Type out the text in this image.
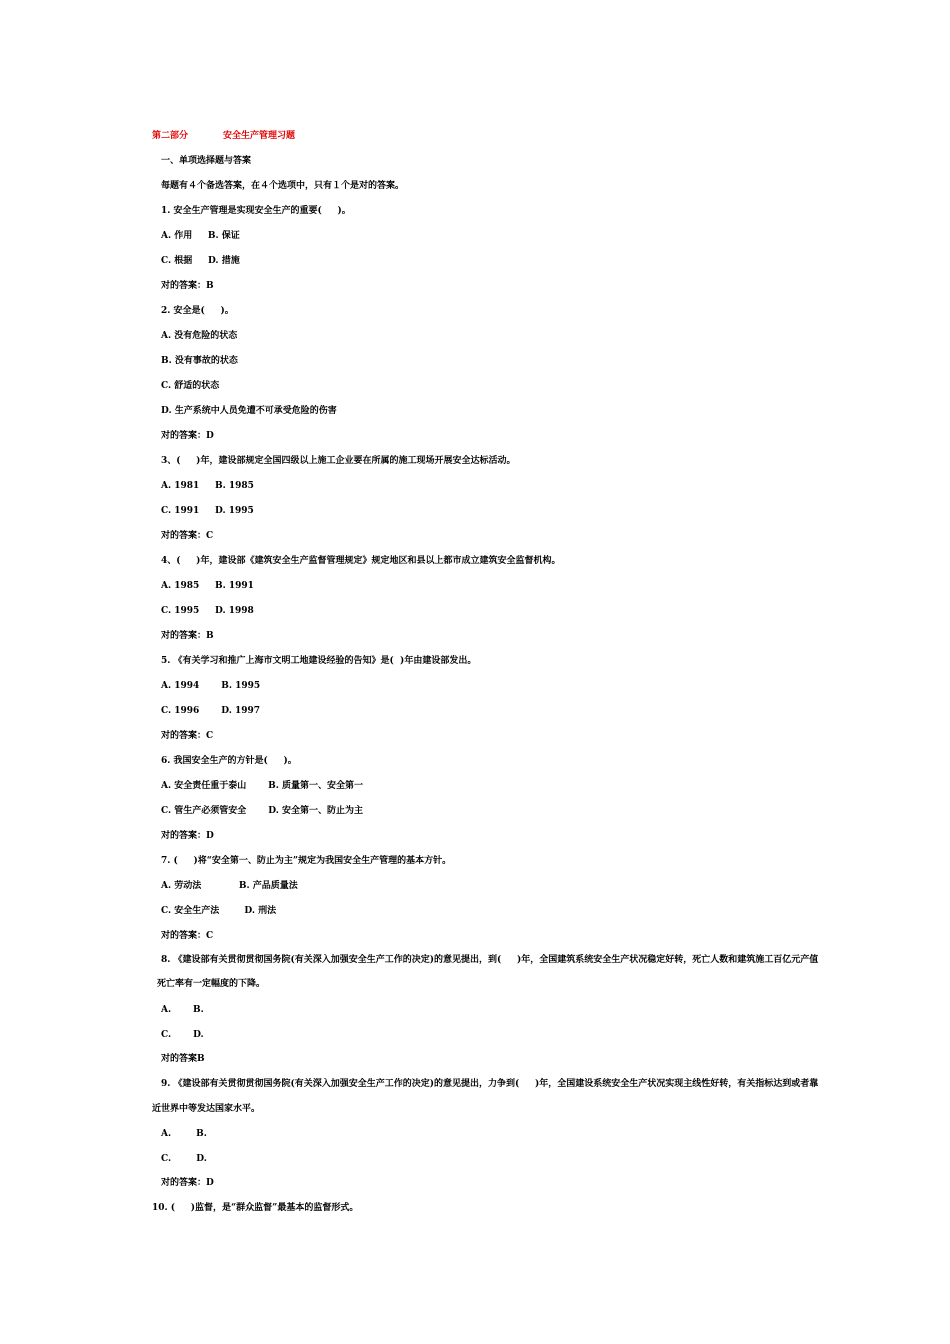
第二部分	安全生产管理习题
一、单项选择题与答案
每题有４个备选答案，在４个选项中，只有１个是对的答案。
1. 安全生产管理是实现安全生产的重要(     )。
A. 作用     B. 保证
C. 根据     D. 措施
对的答案：B
2. 安全是(     )。
A. 没有危险的状态
B. 没有事故的状态
C. 舒适的状态
D. 生产系统中人员免遭不可承受危险的伤害
对的答案：D
3、(     )年，建设部规定全国四级以上施工企业要在所属的施工现场开展安全达标活动。
A. 1981     B. 1985
C. 1991     D. 1995
对的答案：C
4、(     )年，建设部《建筑安全生产监督管理规定》规定地区和县以上都市成立建筑安全监督机构。
A. 1985     B. 1991
C. 1995     D. 1998
对的答案：B
5. 《有关学习和推广上海市文明工地建设经验的告知》是(  )年由建设部发出。
A. 1994       B. 1995
C. 1996       D. 1997
对的答案：C
6. 我国安全生产的方针是(     )。
A. 安全责任重于泰山       B. 质量第一、安全第一
C. 管生产必须管安全       D. 安全第一、防止为主
对的答案：D
7. (     )将“安全第一、防止为主”规定为我国安全生产管理的基本方针。
A. 劳动法            B. 产品质量法
C. 安全生产法        D. 刑法
对的答案：C
8. 《建设部有关贯彻贯彻国务院(有关深入加强安全生产工作的决定)的意见提出，到(     )年，全国建筑系统安全生产状况稳定好转，死亡人数和建筑施工百亿元产值
死亡率有一定幅度的下降。
A.       B.
C.       D.
对的答案B
9. 《建设部有关贯彻贯彻国务院(有关深入加强安全生产工作的决定)的意见提出，力争到(     )年，全国建设系统安全生产状况实现主线性好转，有关指标达到或者靠
近世界中等发达国家水平。
A.        B.
C.        D.
对的答案：D
10. (     )监督，是“群众监督”最基本的监督形式。
